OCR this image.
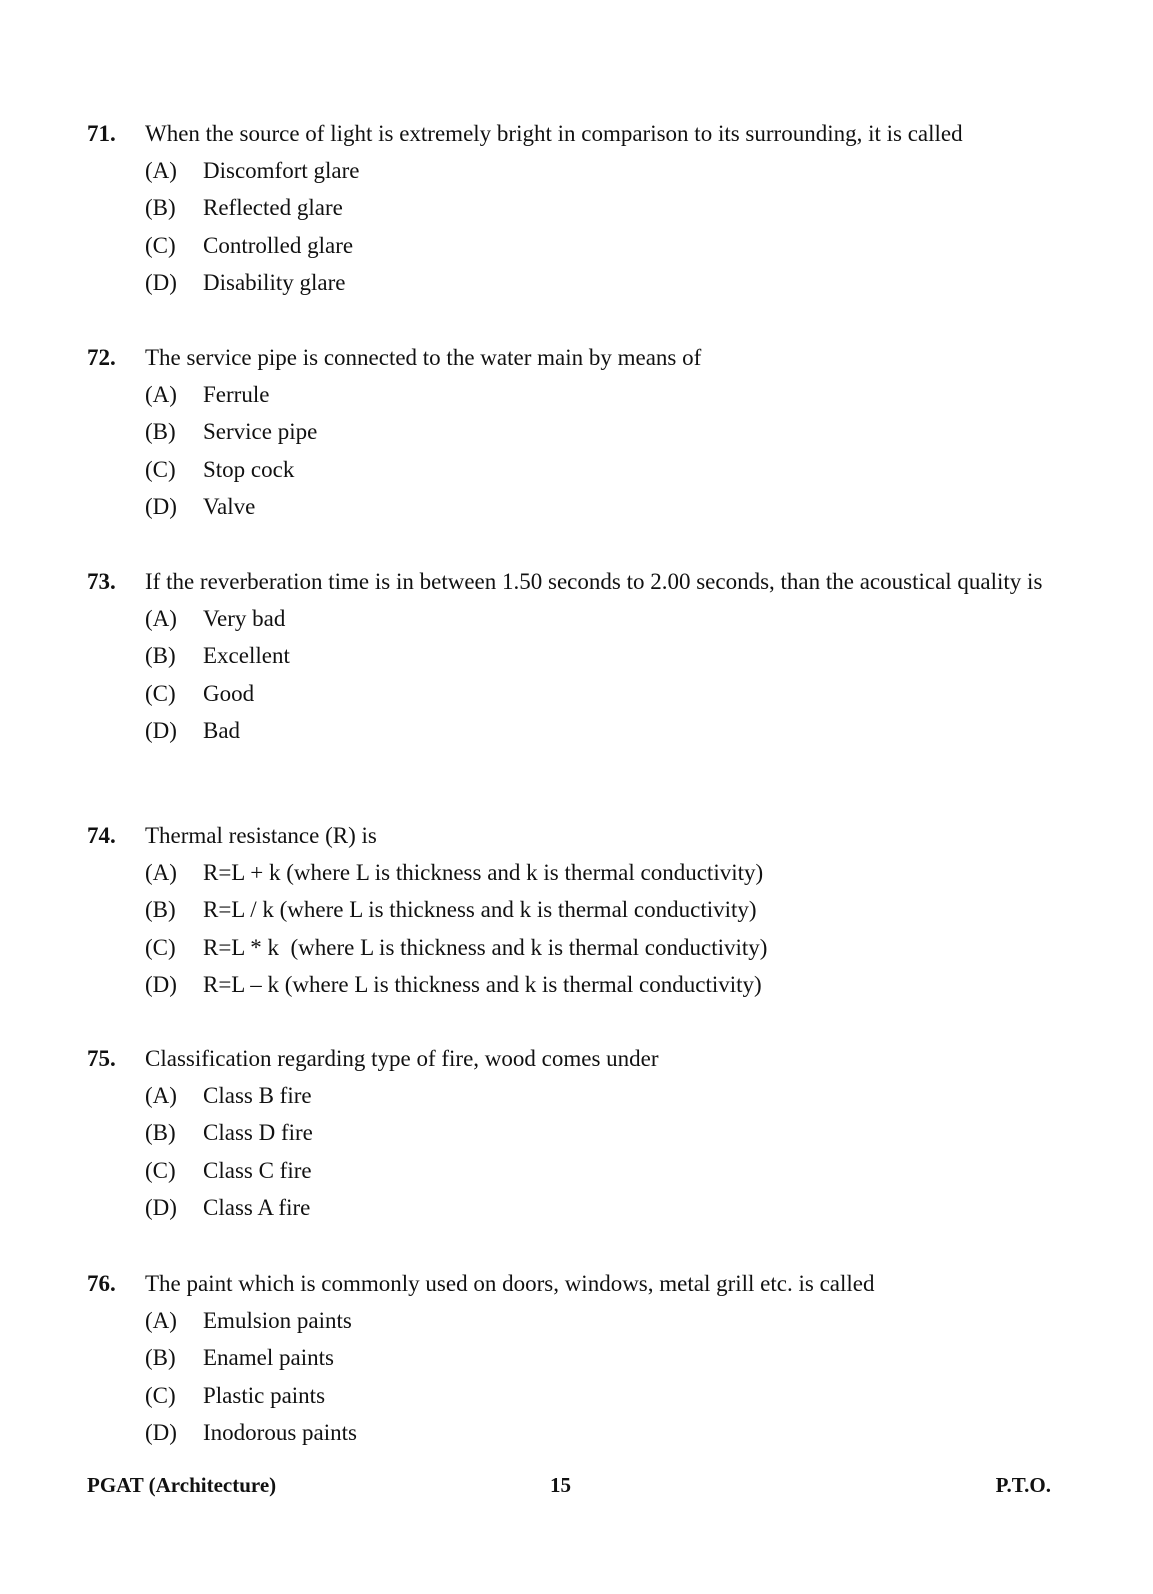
71.	When the source of light is extremely bright in comparison to its surrounding, it is called
(A)	Discomfort glare
(B)	Reflected glare
(C)	Controlled glare
(D)	Disability glare
72.	The service pipe is connected to the water main by means of
(A)	Ferrule
(B)	Service pipe
(C)	Stop cock
(D)	Valve
73.	If the reverberation time is in between 1.50 seconds to 2.00 seconds, than the acoustical quality is
(A)	Very bad
(B)	Excellent
(C)	Good
(D)	Bad
74.	Thermal resistance (R) is
(A)	R=L + k (where L is thickness and k is thermal conductivity)
(B)	R=L / k (where L is thickness and k is thermal conductivity)
(C)	R=L * k  (where L is thickness and k is thermal conductivity)
(D)	R=L – k (where L is thickness and k is thermal conductivity)
75.	Classification regarding type of fire, wood comes under
(A)	Class B fire
(B)	Class D fire
(C)	Class C fire
(D)	Class A fire
76.	The paint which is commonly used on doors, windows, metal grill etc. is called
(A)	Emulsion paints
(B)	Enamel paints
(C)	Plastic paints
(D)	Inodorous paints
PGAT (Architecture)	15	P.T.O.
